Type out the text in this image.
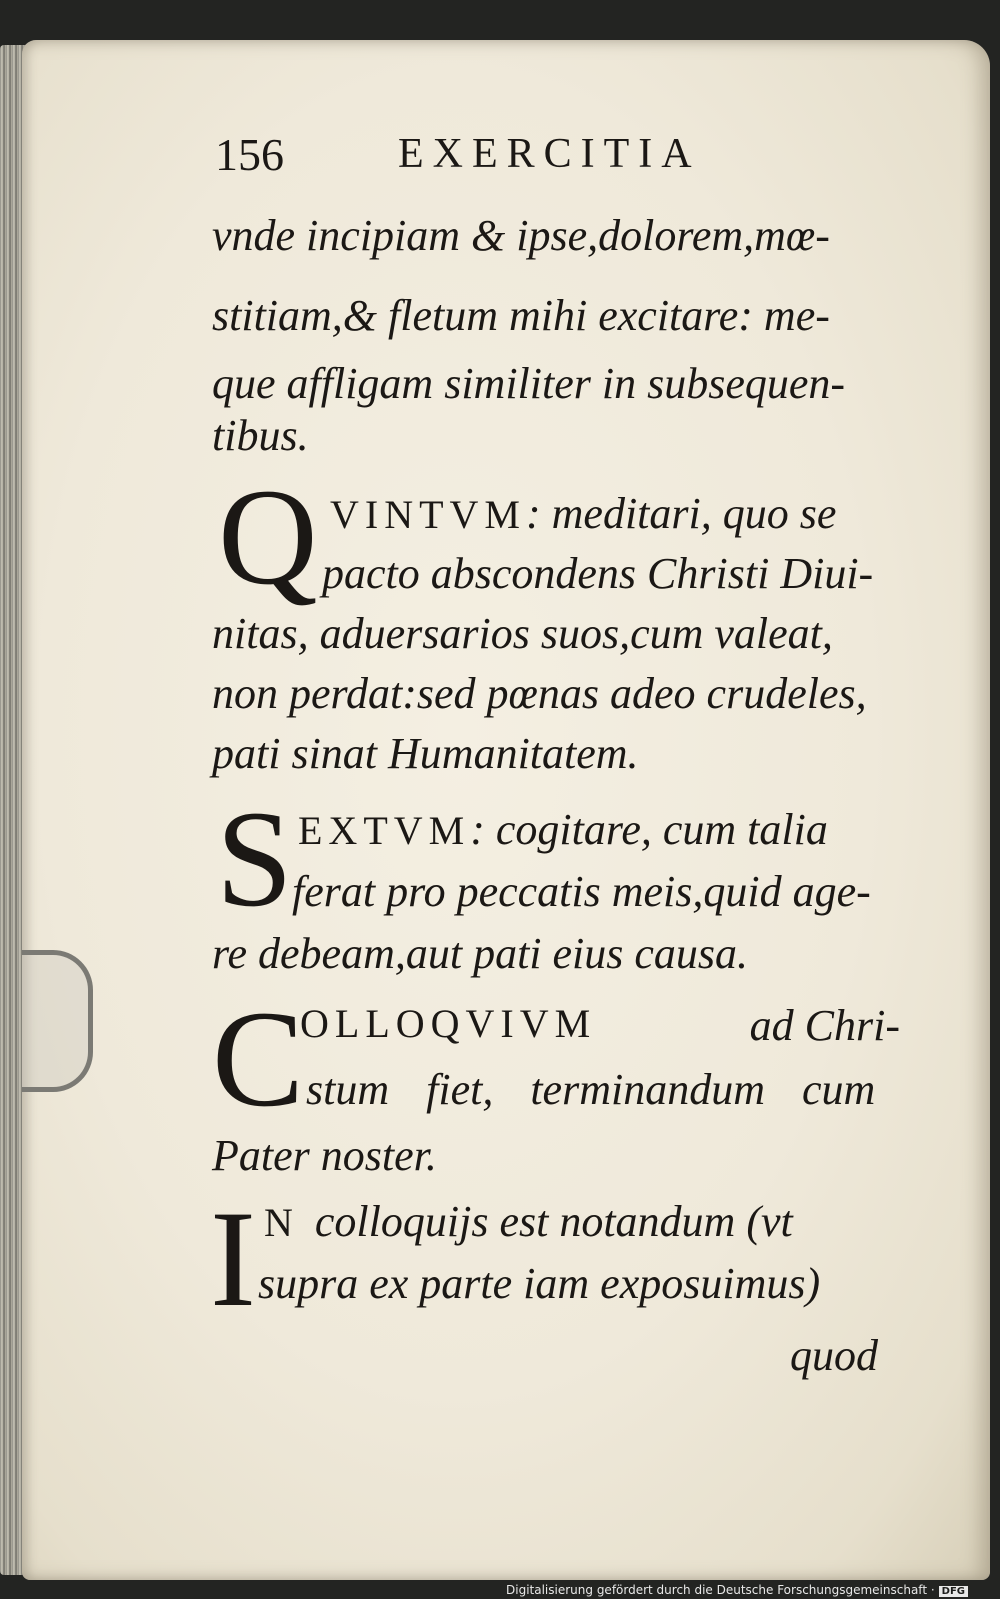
156	EXERCITIA
vnde incipiam & ipse,dolorem,mœ-
stitiam,& fletum mihi excitare: me-
que affligam similiter in subsequen-
tibus.
Q VINTVM: meditari, quo se
pacto abscondens Christi Diui-
nitas, aduersarios suos,cum valeat,
non perdat:sed pœnas adeo crudeles,
pati sinat Humanitatem.
S EXTVM: cogitare, cum talia
ferat pro peccatis meis,quid age-
re debeam,aut pati eius causa.
C
OLLOQVIVM	ad Chri-
stum fiet, terminandum cum
Pater noster.
I N colloquijs est notandum (vt
supra ex parte iam exposuimus)
quod
Digitalisierung gefördert durch die Deutsche Forschungsgemeinschaft · DFG
